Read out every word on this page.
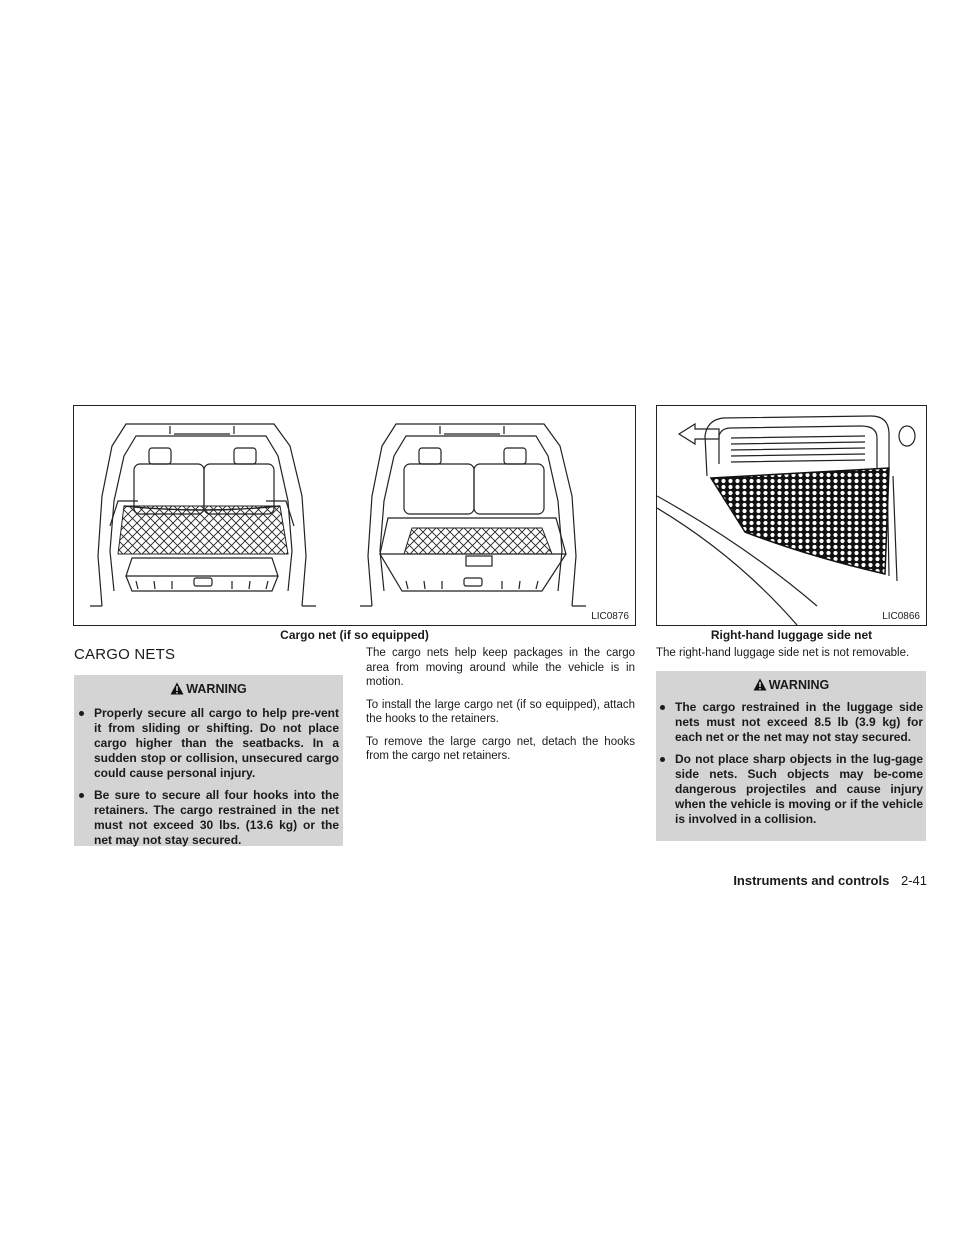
LIC0876	LIC0866
Cargo net (if so equipped)	Right-hand luggage side net
CARGO NETS
WARNING
Properly secure all cargo to help pre-vent it from sliding or shifting. Do not place cargo higher than the seatbacks. In a sudden stop or collision, unsecured cargo could cause personal injury.
Be sure to secure all four hooks into the retainers. The cargo restrained in the net must not exceed 30 lbs. (13.6 kg) or the net may not stay secured.

The cargo nets help keep packages in the cargo area from moving around while the vehicle is in motion.

To install the large cargo net (if so equipped), attach the hooks to the retainers.

To remove the large cargo net, detach the hooks from the cargo net retainers.

The right-hand luggage side net is not removable.
WARNING
The cargo restrained in the luggage side nets must not exceed 8.5 lb (3.9 kg) for each net or the net may not stay secured.
Do not place sharp objects in the lug-gage side nets. Such objects may be-come dangerous projectiles and cause injury when the vehicle is moving or if the vehicle is involved in a collision.
Instruments and controls 2-41
